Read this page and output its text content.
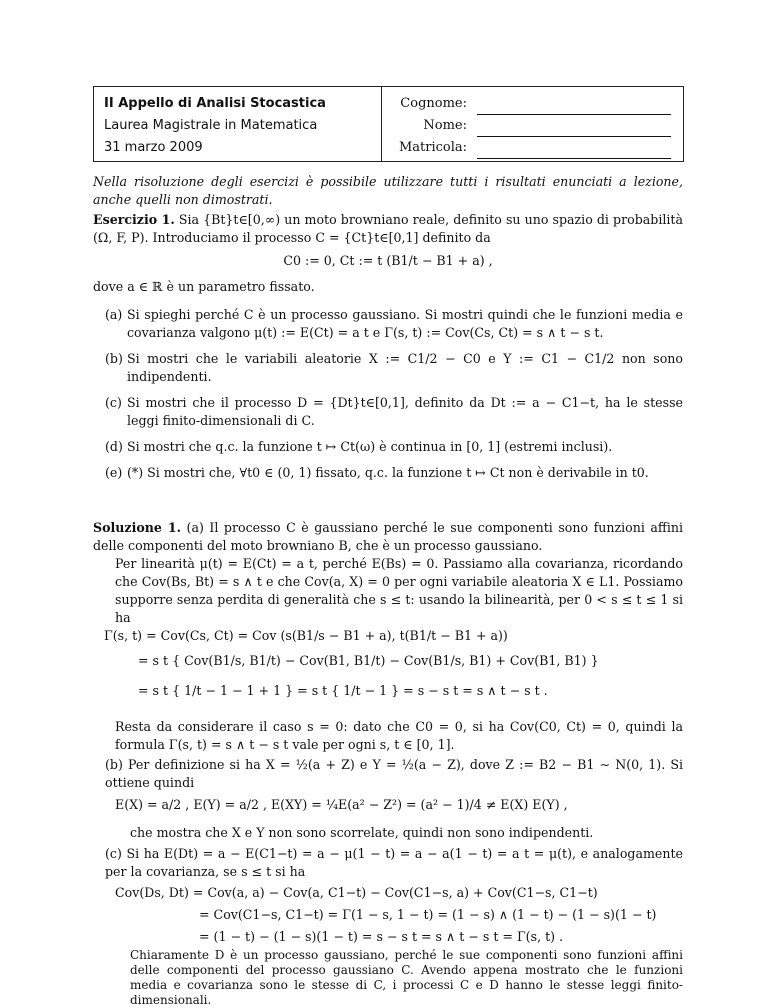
II Appello di Analisi Stocastica
Laurea Magistrale in Matematica
31 marzo 2009
Cognome:
Nome:
Matricola:
Nella risoluzione degli esercizi è possibile utilizzare tutti i risultati enunciati a lezione, anche quelli non dimostrati.
Esercizio 1. Sia {Bt}t∈[0,∞) un moto browniano reale, definito su uno spazio di probabilità (Ω, F, P). Introduciamo il processo C = {Ct}t∈[0,1] definito da
C0 := 0, Ct := t (B1/t − B1 + a) ,
dove a ∈ ℝ è un parametro fissato.
(a) Si spieghi perché C è un processo gaussiano. Si mostri quindi che le funzioni media e covarianza valgono μ(t) := E(Ct) = a t e Γ(s, t) := Cov(Cs, Ct) = s ∧ t − s t.
(b) Si mostri che le variabili aleatorie X := C1/2 − C0 e Y := C1 − C1/2 non sono indipendenti.
(c) Si mostri che il processo D = {Dt}t∈[0,1], definito da Dt := a − C1−t, ha le stesse leggi finito-dimensionali di C.
(d) Si mostri che q.c. la funzione t ↦ Ct(ω) è continua in [0, 1] (estremi inclusi).
(e) (*) Si mostri che, ∀t0 ∈ (0, 1) fissato, q.c. la funzione t ↦ Ct non è derivabile in t0.
Soluzione 1. (a) Il processo C è gaussiano perché le sue componenti sono funzioni affini delle componenti del moto browniano B, che è un processo gaussiano.
Per linearità μ(t) = E(Ct) = a t, perché E(Bs) = 0. Passiamo alla covarianza, ricordando che Cov(Bs, Bt) = s ∧ t e che Cov(a, X) = 0 per ogni variabile aleatoria X ∈ L1. Possiamo supporre senza perdita di generalità che s ≤ t: usando la bilinearità, per 0 < s ≤ t ≤ 1 si ha
Γ(s, t) = Cov(Cs, Ct) = Cov (s(B1/s − B1 + a), t(B1/t − B1 + a))
= s t { Cov(B1/s, B1/t) − Cov(B1, B1/t) − Cov(B1/s, B1) + Cov(B1, B1) }
= s t { 1/t − 1 − 1 + 1 } = s t { 1/t − 1 } = s − s t = s ∧ t − s t .
Resta da considerare il caso s = 0: dato che C0 = 0, si ha Cov(C0, Ct) = 0, quindi la formula Γ(s, t) = s ∧ t − s t vale per ogni s, t ∈ [0, 1].
(b) Per definizione si ha X = ½(a + Z) e Y = ½(a − Z), dove Z := B2 − B1 ∼ N(0, 1). Si ottiene quindi
E(X) = a/2 , E(Y) = a/2 , E(XY) = ¼E(a² − Z²) = (a² − 1)/4 ≠ E(X) E(Y) ,
che mostra che X e Y non sono scorrelate, quindi non sono indipendenti.
(c) Si ha E(Dt) = a − E(C1−t) = a − μ(1 − t) = a − a(1 − t) = a t = μ(t), e analogamente per la covarianza, se s ≤ t si ha
Cov(Ds, Dt) = Cov(a, a) − Cov(a, C1−t) − Cov(C1−s, a) + Cov(C1−s, C1−t)
= Cov(C1−s, C1−t) = Γ(1 − s, 1 − t) = (1 − s) ∧ (1 − t) − (1 − s)(1 − t)
= (1 − t) − (1 − s)(1 − t) = s − s t = s ∧ t − s t = Γ(s, t) .
Chiaramente D è un processo gaussiano, perché le sue componenti sono funzioni affini delle componenti del processo gaussiano C. Avendo appena mostrato che le funzioni media e covarianza sono le stesse di C, i processi C e D hanno le stesse leggi finito-dimensionali.
